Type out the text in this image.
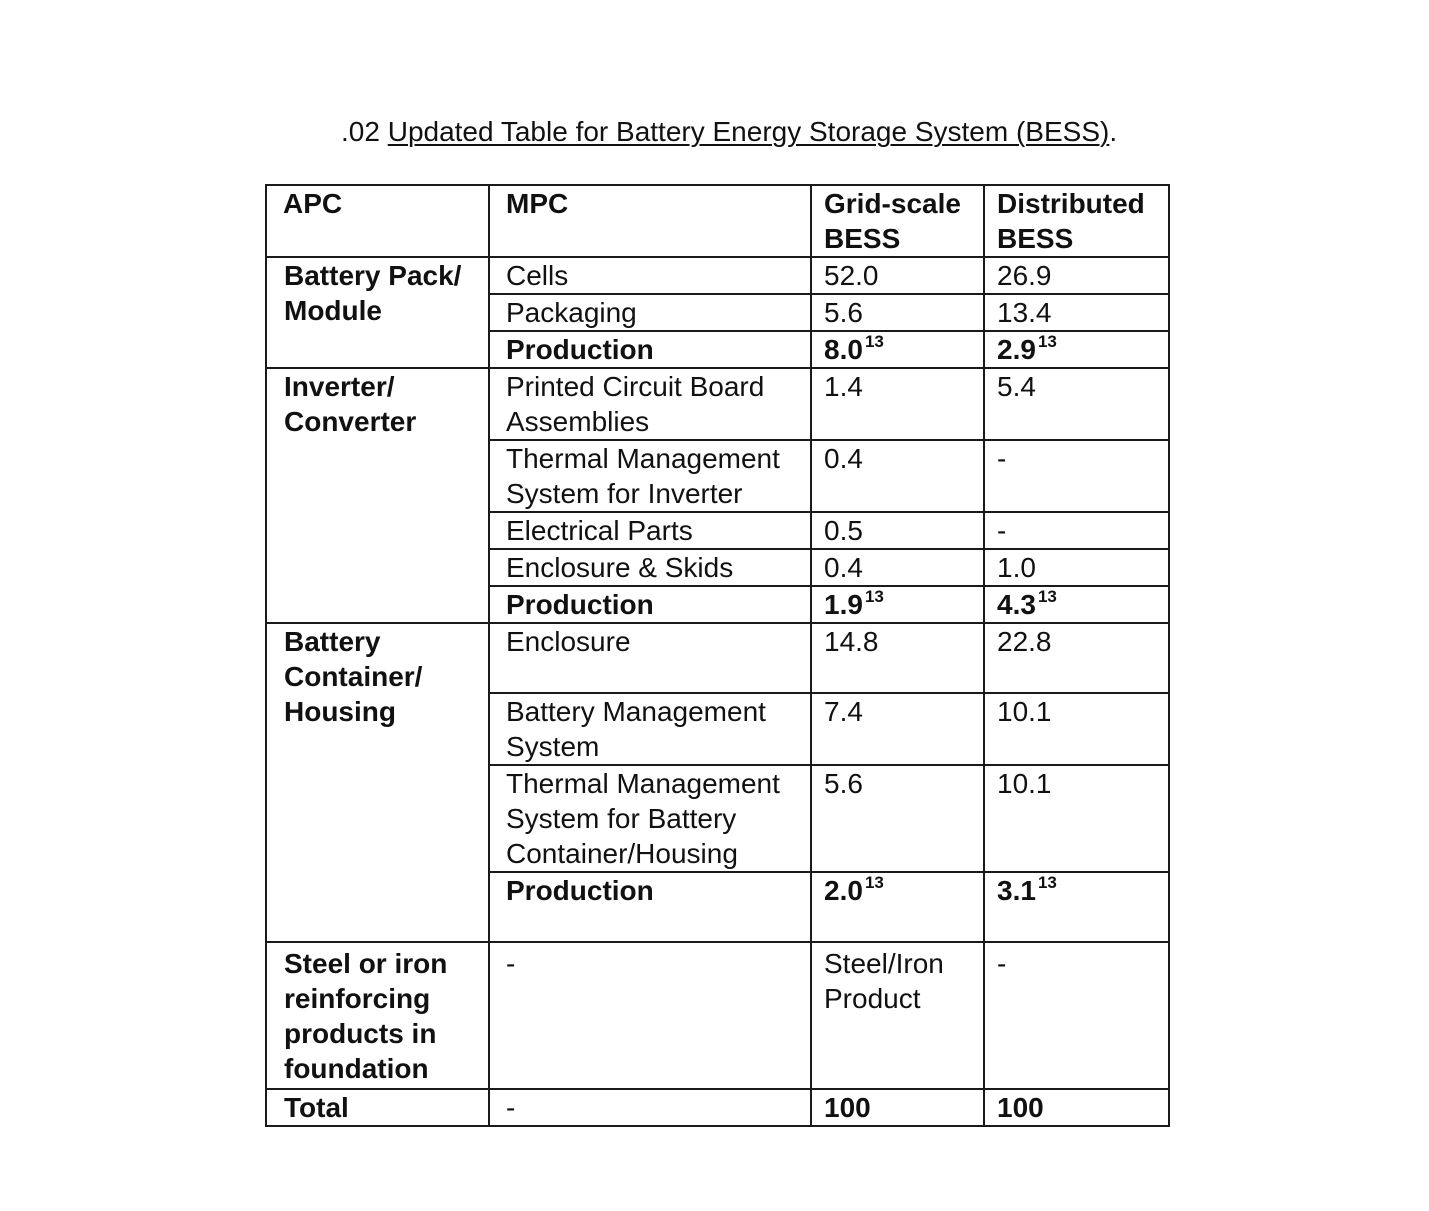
.02 Updated Table for Battery Energy Storage System (BESS).
APC	MPC	Grid-scale BESS	Distributed BESS
Battery Pack/ Module	Cells	52.0	26.9
	Packaging	5.6	13.4
	Production	8.0 $^{13}$	2.9 $^{13}$
Inverter/ Converter	Printed Circuit Board Assemblies	1.4	5.4
	Thermal Management System for Inverter	0.4	-
	Electrical Parts	0.5	-
	Enclosure & Skids	0.4	1.0
	Production	1.9 $^{13}$	4.3 $^{13}$
Battery Container/ Housing	Enclosure	14.8	22.8
	Battery Management System	7.4	10.1
	Thermal Management System for Battery Container/Housing	5.6	10.1
	Production	2.0 $^{13}$	3.1 $^{13}$
Steel or iron reinforcing products in foundation	-	Steel/Iron Product	-
Total	-	100	100
